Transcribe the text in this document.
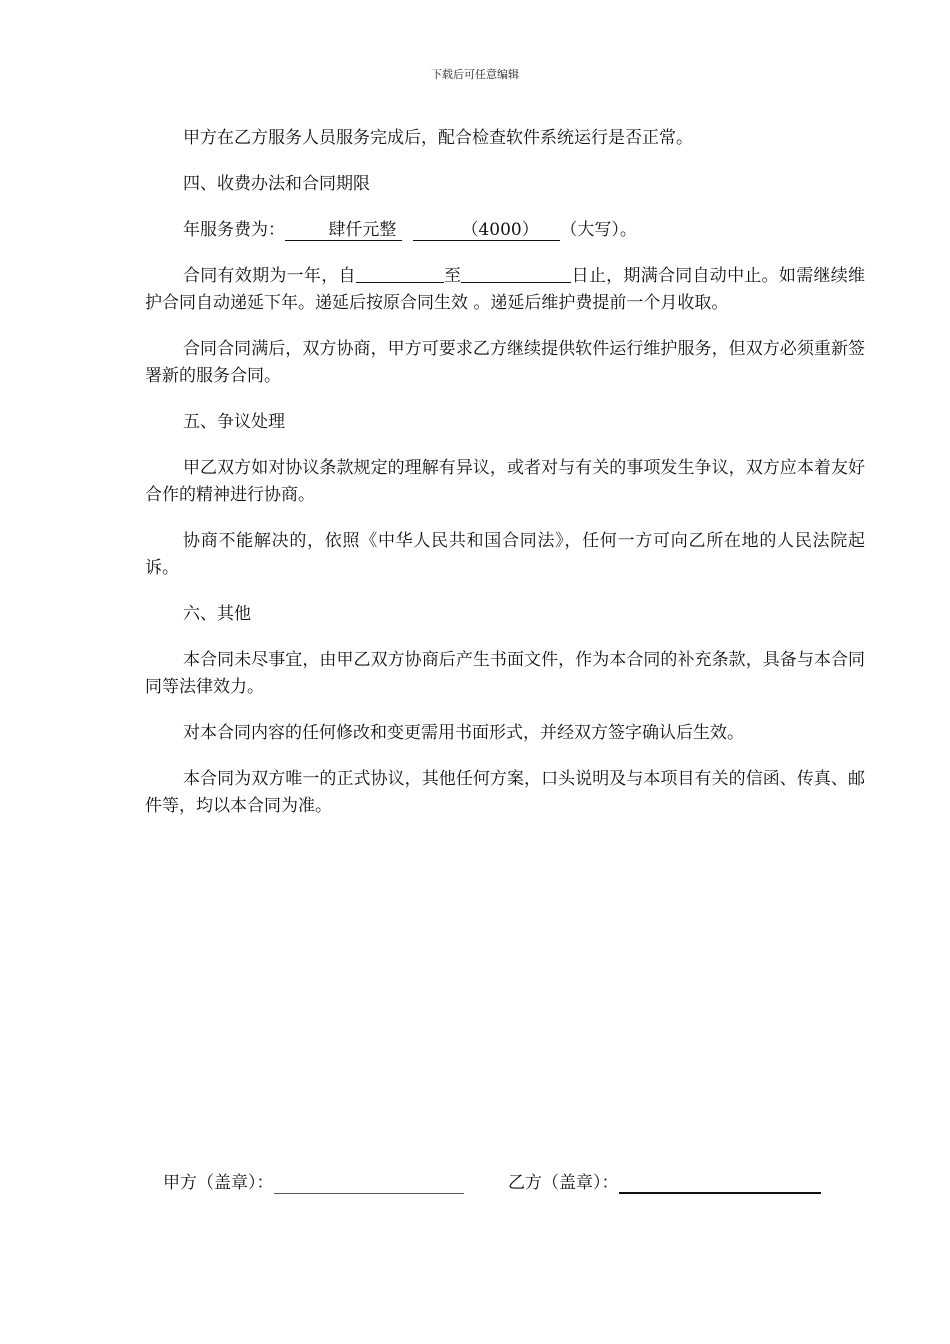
下载后可任意编辑

甲方在乙方服务人员服务完成后，配合检查软件系统运行是否正常。

四、收费办法和合同期限

年服务费为：	肆仟元整	（4000） （大写）。

合同有效期为一年，自	至	日止，期满合同自动中止。如需继续维护合同自动递延下年。递延后按原合同生效 。递延后维护费提前一个月收取。

合同合同满后，双方协商，甲方可要求乙方继续提供软件运行维护服务，但双方必须重新签署新的服务合同。

五、争议处理

甲乙双方如对协议条款规定的理解有异议，或者对与有关的事项发生争议，双方应本着友好合作的精神进行协商。

协商不能解决的，依照《中华人民共和国合同法》，任何一方可向乙所在地的人民法院起诉。

六、其他

本合同未尽事宜，由甲乙双方协商后产生书面文件，作为本合同的补充条款，具备与本合同同等法律效力。

对本合同内容的任何修改和变更需用书面形式，并经双方签字确认后生效。

本合同为双方唯一的正式协议，其他任何方案，口头说明及与本项目有关的信函、传真、邮件等，均以本合同为准。

甲方（盖章）：	乙方（盖章）：
